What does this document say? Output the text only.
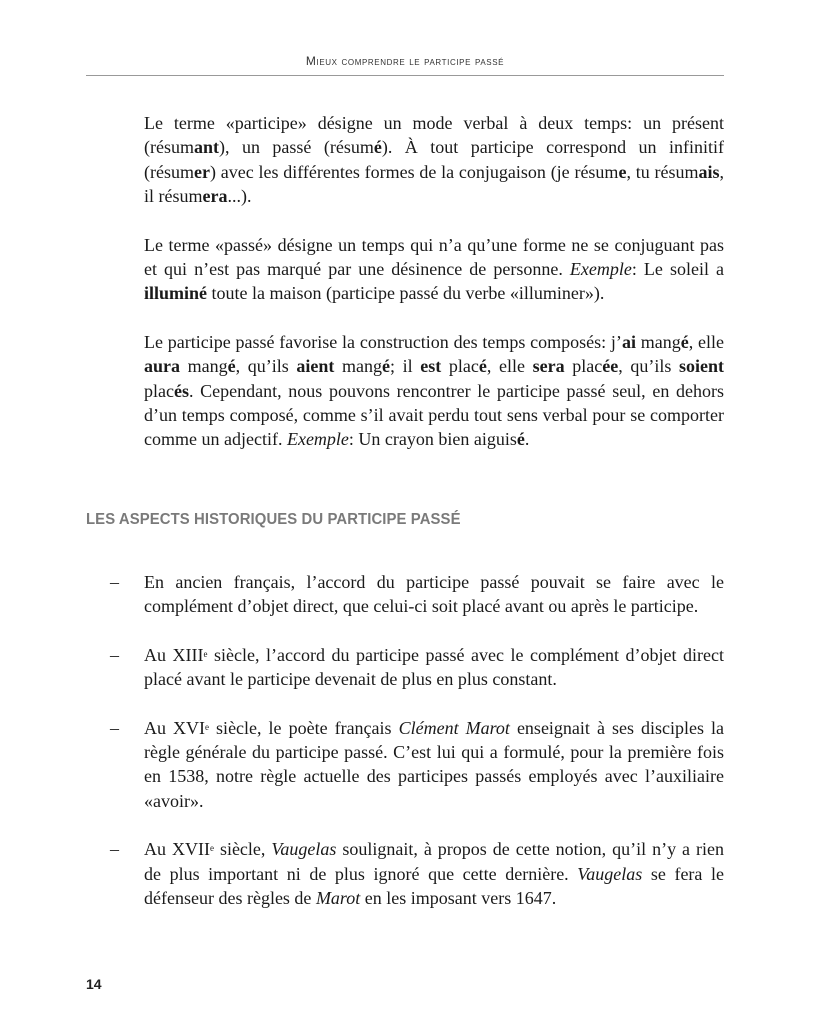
Mieux comprendre le participe passé

Le terme «participe» désigne un mode verbal à deux temps: un présent (résumant), un passé (résumé). À tout participe correspond un infinitif (résumer) avec les différentes formes de la conjugaison (je résume, tu résumais, il résumera...).

Le terme «passé» désigne un temps qui n’a qu’une forme ne se conjuguant pas et qui n’est pas marqué par une désinence de personne. Exemple: Le soleil a illuminé toute la maison (participe passé du verbe «illuminer»).

Le participe passé favorise la construction des temps composés: j’ai mangé, elle aura mangé, qu’ils aient mangé; il est placé, elle sera placée, qu’ils soient placés. Cependant, nous pouvons rencontrer le participe passé seul, en dehors d’un temps composé, comme s’il avait perdu tout sens verbal pour se comporter comme un adjectif. Exemple: Un crayon bien aiguisé.

LES ASPECTS HISTORIQUES DU PARTICIPE PASSÉ
– En ancien français, l’accord du participe passé pouvait se faire avec le complément d’objet direct, que celui-ci soit placé avant ou après le participe.
– Au XIIIe siècle, l’accord du participe passé avec le complément d’objet direct placé avant le participe devenait de plus en plus constant.
– Au XVIe siècle, le poète français Clément Marot enseignait à ses disciples la règle générale du participe passé. C’est lui qui a formulé, pour la première fois en 1538, notre règle actuelle des participes passés employés avec l’auxiliaire «avoir».
– Au XVIIe siècle, Vaugelas soulignait, à propos de cette notion, qu’il n’y a rien de plus important ni de plus ignoré que cette dernière. Vaugelas se fera le défenseur des règles de Marot en les imposant vers 1647.
14
